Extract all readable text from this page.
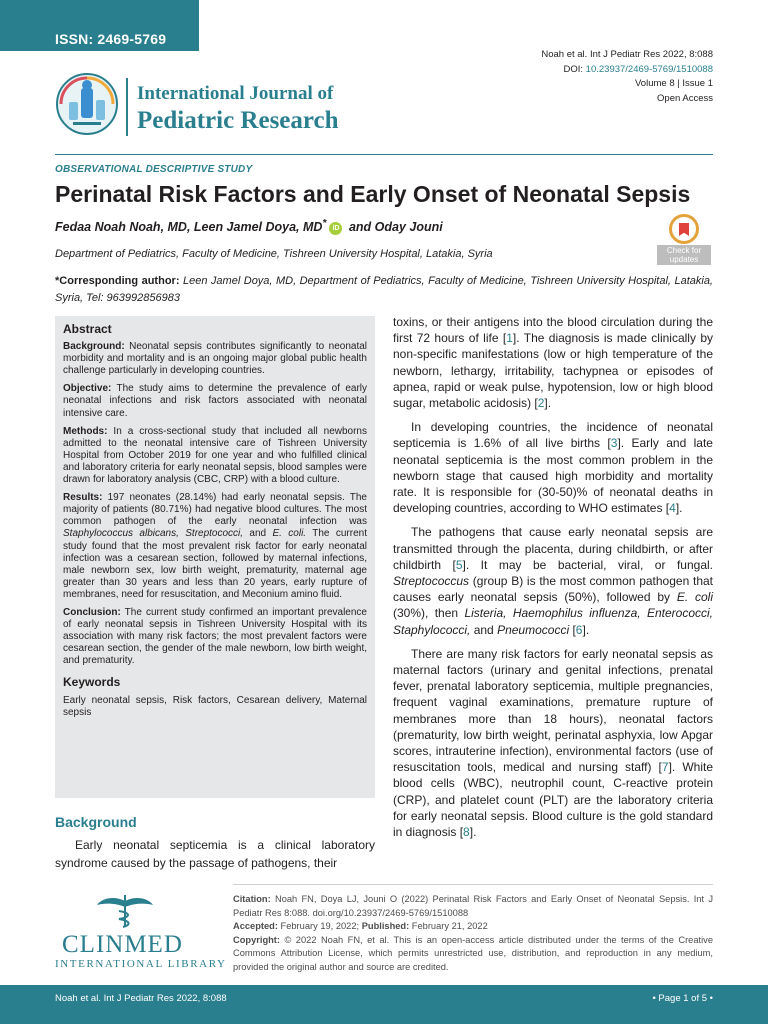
ISSN: 2469-5769
Noah et al. Int J Pediatr Res 2022, 8:088
DOI: 10.23937/2469-5769/1510088
Volume 8 | Issue 1
Open Access
International Journal of
Pediatric Research
OBSERVATIONAL DESCRIPTIVE STUDY
Perinatal Risk Factors and Early Onset of Neonatal Sepsis
Fedaa Noah Noah, MD, Leen Jamel Doya, MD* iD and Oday Jouni
Check for updates
Department of Pediatrics, Faculty of Medicine, Tishreen University Hospital, Latakia, Syria
*Corresponding author: Leen Jamel Doya, MD, Department of Pediatrics, Faculty of Medicine, Tishreen University Hospital, Latakia, Syria, Tel: 963992856983
Abstract

Background: Neonatal sepsis contributes significantly to neonatal morbidity and mortality and is an ongoing major global public health challenge particularly in developing countries.

Objective: The study aims to determine the prevalence of early neonatal infections and risk factors associated with neonatal intensive care.

Methods: In a cross-sectional study that included all newborns admitted to the neonatal intensive care of Tishreen University Hospital from October 2019 for one year and who fulfilled clinical and laboratory criteria for early neonatal sepsis, blood samples were drawn for laboratory analysis (CBC, CRP) with a blood culture.

Results: 197 neonates (28.14%) had early neonatal sepsis. The majority of patients (80.71%) had negative blood cultures. The most common pathogen of the early neonatal infection was Staphylococcus albicans, Streptococci, and E. coli. The current study found that the most prevalent risk factor for early neonatal infection was a cesarean section, followed by maternal infections, male newborn sex, low birth weight, prematurity, maternal age greater than 30 years and less than 20 years, early rupture of membranes, need for resuscitation, and Meconium amino fluid.

Conclusion: The current study confirmed an important prevalence of early neonatal sepsis in Tishreen University Hospital with its association with many risk factors; the most prevalent factors were cesarean section, the gender of the male newborn, low birth weight, and prematurity.

Keywords

Early neonatal sepsis, Risk factors, Cesarean delivery, Maternal sepsis

Background

Early neonatal septicemia is a clinical laboratory syndrome caused by the passage of pathogens, their

toxins, or their antigens into the blood circulation during the first 72 hours of life [1]. The diagnosis is made clinically by non-specific manifestations (low or high temperature of the newborn, lethargy, irritability, tachypnea or episodes of apnea, rapid or weak pulse, hypotension, low or high blood sugar, metabolic acidosis) [2].

In developing countries, the incidence of neonatal septicemia is 1.6% of all live births [3]. Early and late neonatal septicemia is the most common problem in the newborn stage that caused high morbidity and mortality rate. It is responsible for (30-50)% of neonatal deaths in developing countries, according to WHO estimates [4].

The pathogens that cause early neonatal sepsis are transmitted through the placenta, during childbirth, or after childbirth [5]. It may be bacterial, viral, or fungal. Streptococcus (group B) is the most common pathogen that causes early neonatal sepsis (50%), followed by E. coli (30%), then Listeria, Haemophilus influenza, Enterococci, Staphylococci, and Pneumococci [6].

There are many risk factors for early neonatal sepsis as maternal factors (urinary and genital infections, prenatal fever, prenatal laboratory septicemia, multiple pregnancies, frequent vaginal examinations, premature rupture of membranes more than 18 hours), neonatal factors (prematurity, low birth weight, perinatal asphyxia, low Apgar scores, intrauterine infection), environmental factors (use of resuscitation tools, medical and nursing staff) [7]. White blood cells (WBC), neutrophil count, C-reactive protein (CRP), and platelet count (PLT) are the laboratory criteria for early neonatal sepsis. Blood culture is the gold standard in diagnosis [8].

CLINMED
INTERNATIONAL LIBRARY

Citation: Noah FN, Doya LJ, Jouni O (2022) Perinatal Risk Factors and Early Onset of Neonatal Sepsis. Int J Pediatr Res 8:088. doi.org/10.23937/2469-5769/1510088

Accepted: February 19, 2022; Published: February 21, 2022

Copyright: © 2022 Noah FN, et al. This is an open-access article distributed under the terms of the Creative Commons Attribution License, which permits unrestricted use, distribution, and reproduction in any medium, provided the original author and source are credited.

Noah et al. Int J Pediatr Res 2022, 8:088	• Page 1 of 5 •
